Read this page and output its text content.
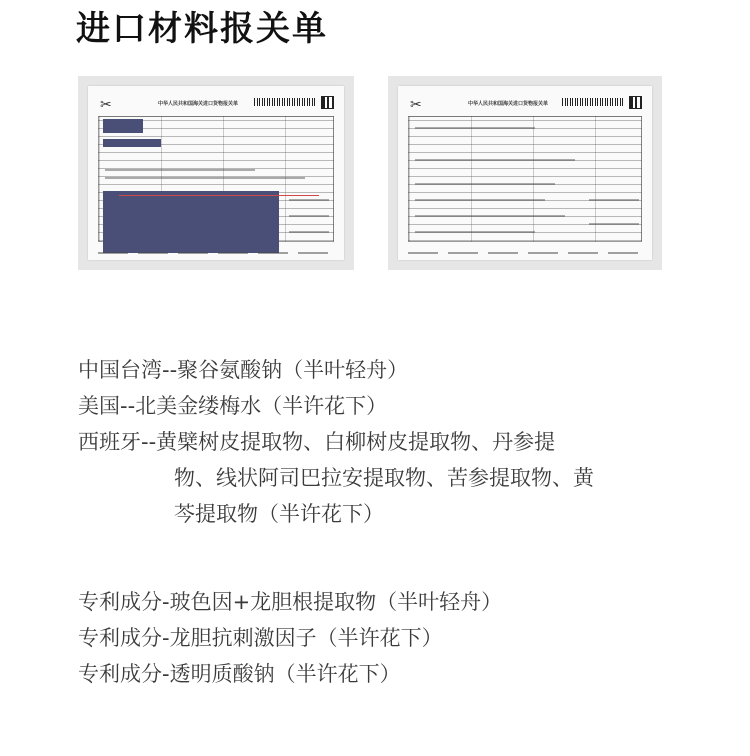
进口材料报关单
✂	中华人民共和国海关进口货物报关单	✂	中华人民共和国海关进口货物报关单
中国台湾--聚谷氨酸钠（半叶轻舟）
美国--北美金缕梅水（半许花下）
西班牙--黄檗树皮提取物、白柳树皮提取物、丹参提
物、线状阿司巴拉安提取物、苦参提取物、黄
芩提取物（半许花下）
专利成分-玻色因+龙胆根提取物（半叶轻舟）
专利成分-龙胆抗刺激因子（半许花下）
专利成分-透明质酸钠（半许花下）
